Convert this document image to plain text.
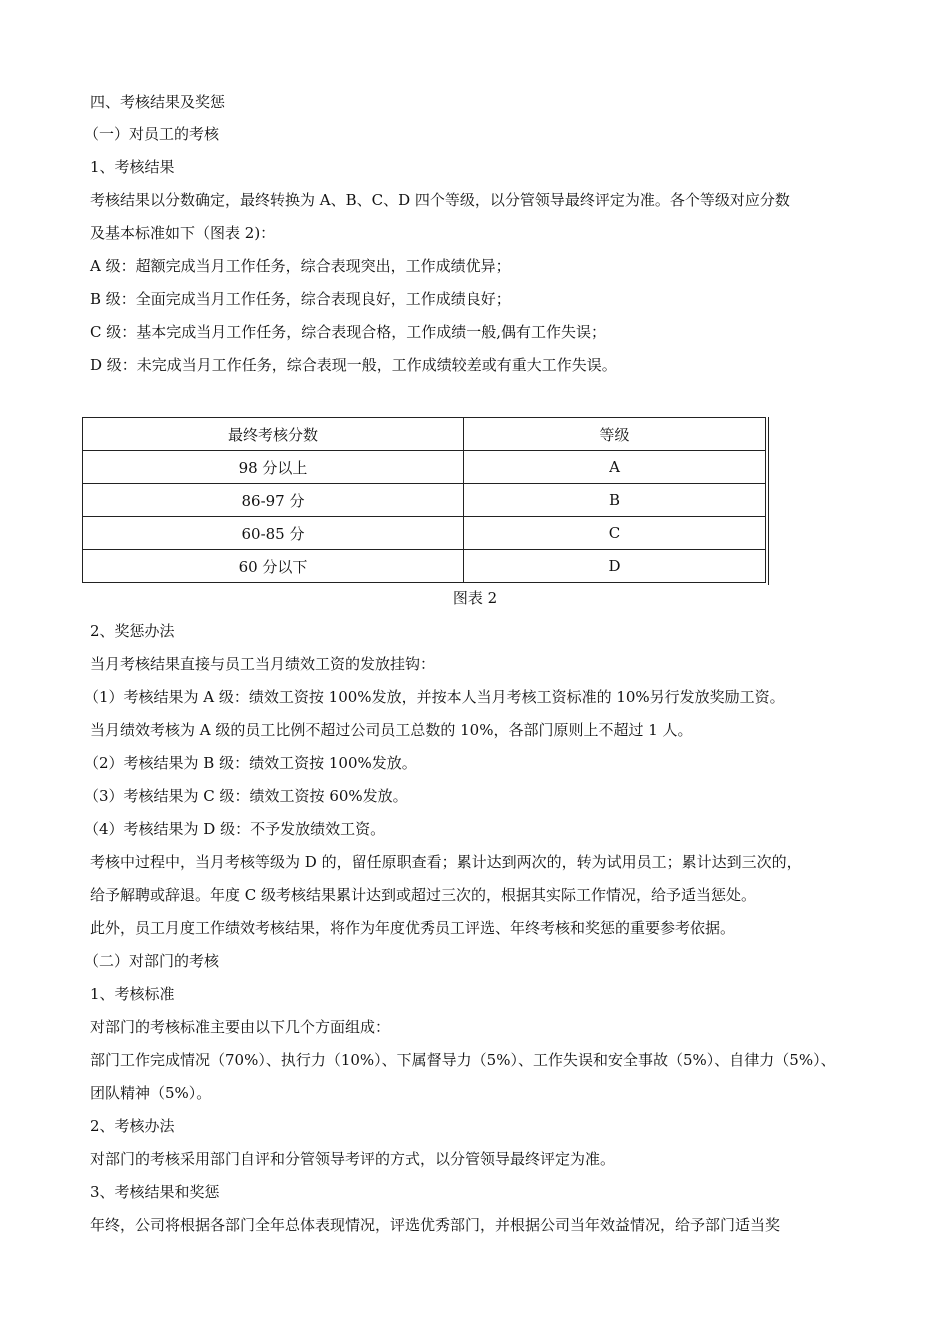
四、考核结果及奖惩
（一）对员工的考核
1、考核结果
考核结果以分数确定，最终转换为 A、B、C、D 四个等级，以分管领导最终评定为准。各个等级对应分数
及基本标准如下（图表 2)：
A 级：超额完成当月工作任务，综合表现突出，工作成绩优异；
B 级：全面完成当月工作任务，综合表现良好，工作成绩良好；
C 级：基本完成当月工作任务，综合表现合格，工作成绩一般,偶有工作失误；
D 级：未完成当月工作任务，综合表现一般，工作成绩较差或有重大工作失误。
最终考核分数	等级
98 分以上	A
86-97 分	B
60-85 分	C
60 分以下	D
图表 2
2、奖惩办法
当月考核结果直接与员工当月绩效工资的发放挂钩：
（1）考核结果为 A 级：绩效工资按 100%发放，并按本人当月考核工资标准的 10%另行发放奖励工资。
当月绩效考核为 A 级的员工比例不超过公司员工总数的 10%，各部门原则上不超过 1 人。
（2）考核结果为 B 级：绩效工资按 100%发放。
（3）考核结果为 C 级：绩效工资按 60%发放。
（4）考核结果为 D 级：不予发放绩效工资。
考核中过程中，当月考核等级为 D 的，留任原职查看；累计达到两次的，转为试用员工；累计达到三次的，
给予解聘或辞退。年度 C 级考核结果累计达到或超过三次的，根据其实际工作情况，给予适当惩处。
此外，员工月度工作绩效考核结果，将作为年度优秀员工评选、年终考核和奖惩的重要参考依据。
（二）对部门的考核
1、考核标准
对部门的考核标准主要由以下几个方面组成：
部门工作完成情况（70%）、执行力（10%）、下属督导力（5%）、工作失误和安全事故（5%）、自律力（5%）、
团队精神（5%）。
2、考核办法
对部门的考核采用部门自评和分管领导考评的方式，以分管领导最终评定为准。
3、考核结果和奖惩
年终，公司将根据各部门全年总体表现情况，评选优秀部门，并根据公司当年效益情况，给予部门适当奖
